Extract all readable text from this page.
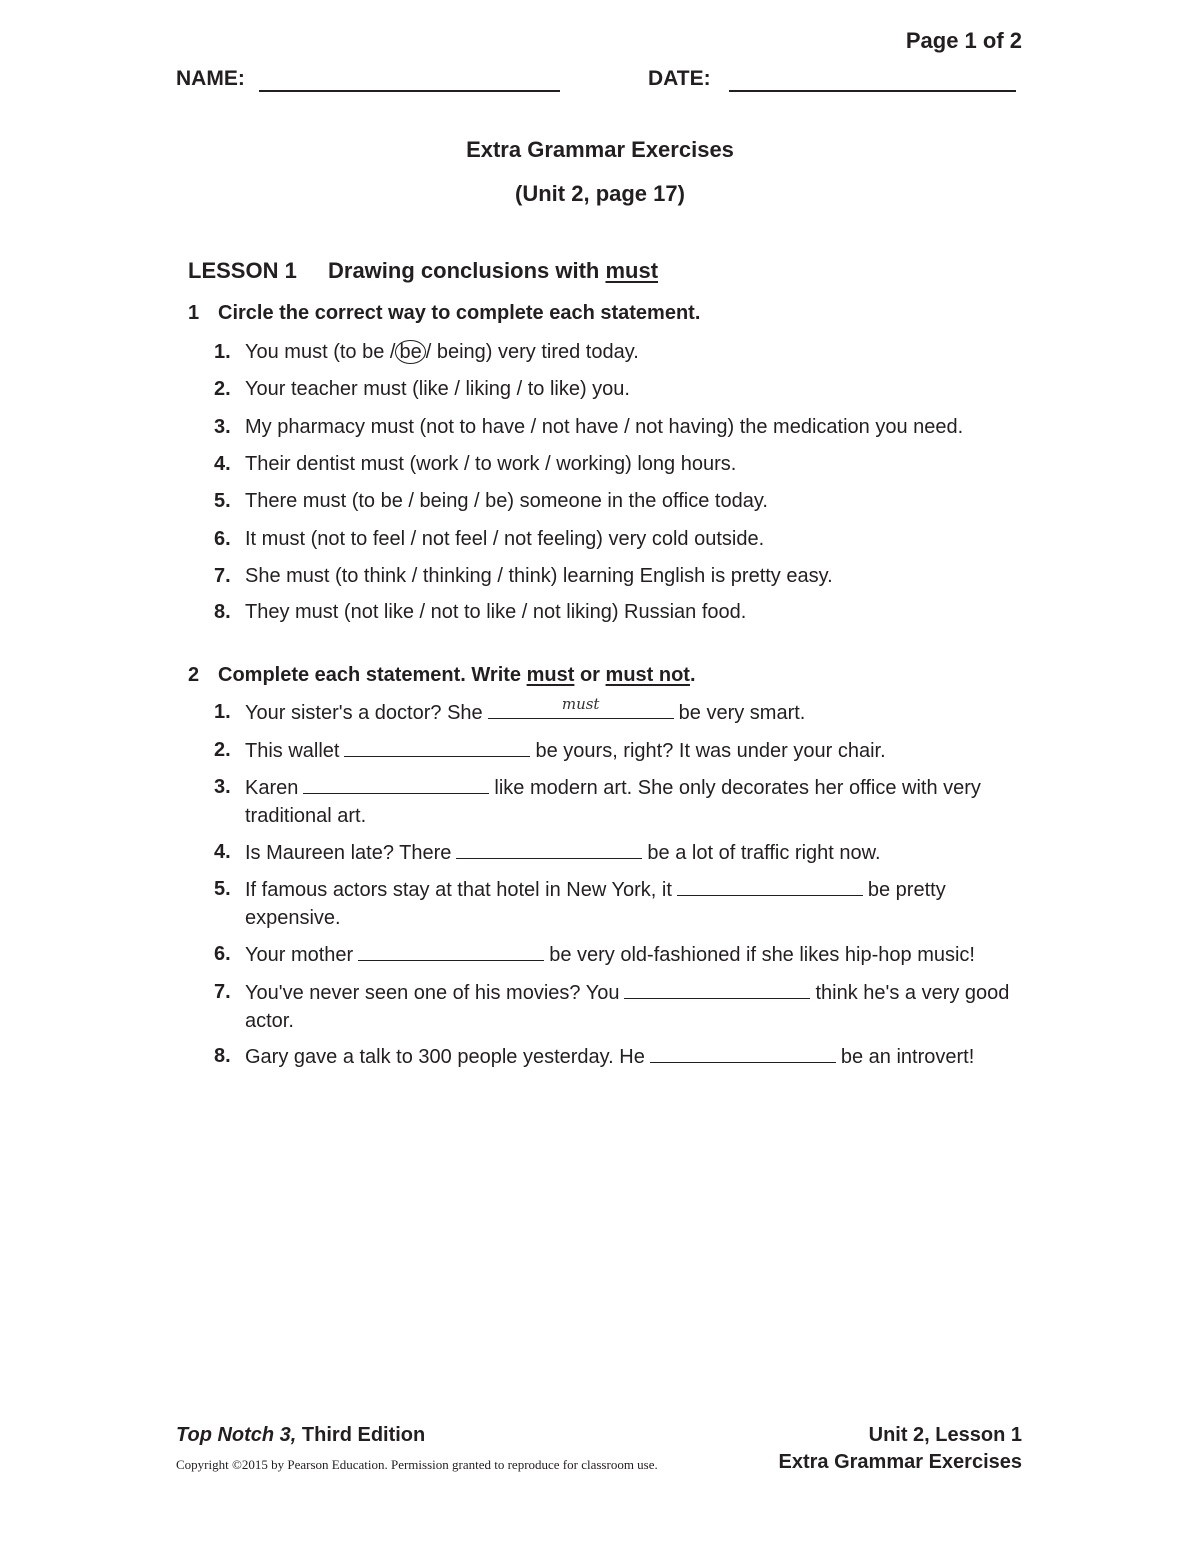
Page 1 of 2
NAME:	DATE:
Extra Grammar Exercises
(Unit 2, page 17)
LESSON 1 Drawing conclusions with must
1 Circle the correct way to complete each statement.
1. You must (to be / be / being) very tired today.
2. Your teacher must (like / liking / to like) you.
3. My pharmacy must (not to have / not have / not having) the medication you need.
4. Their dentist must (work / to work / working) long hours.
5. There must (to be / being / be) someone in the office today.
6. It must (not to feel / not feel / not feeling) very cold outside.
7. She must (to think / thinking / think) learning English is pretty easy.
8. They must (not like / not to like / not liking) Russian food.
2 Complete each statement. Write must or must not.
1. Your sister's a doctor? She	must	be very smart.
2. This wallet	be yours, right? It was under your chair.
3. Karen	like modern art. She only decorates her office with very traditional art.
4. Is Maureen late? There	be a lot of traffic right now.
5. If famous actors stay at that hotel in New York, it	be pretty expensive.
6. Your mother	be very old-fashioned if she likes hip-hop music!
7. You've never seen one of his movies? You	think he's a very good actor.
8. Gary gave a talk to 300 people yesterday. He	be an introvert!
Top Notch 3, Third Edition
Copyright ©2015 by Pearson Education. Permission granted to reproduce for classroom use.
Unit 2, Lesson 1
Extra Grammar Exercises
